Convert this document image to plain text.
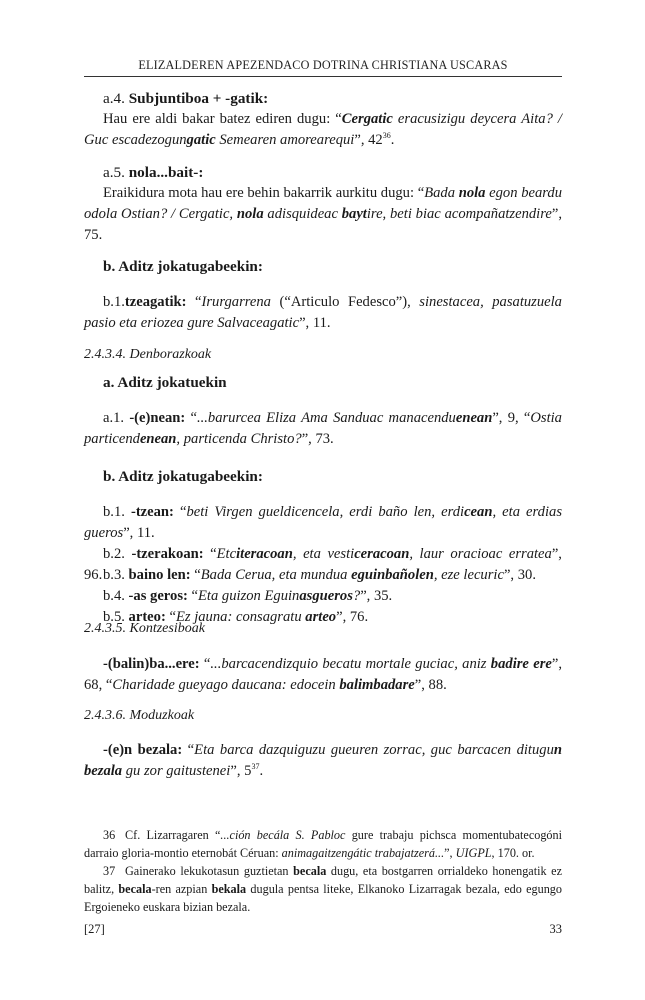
ELIZALDEREN APEZENDACO DOTRINA CHRISTIANA USCARAS
a.4. Subjuntiboa + -gatik:
Hau ere aldi bakar batez ediren dugu: “Cergatic eracusizigu deycera Aita? / Guc escadezogungatic Semearen amorearequi”, $42^{36}$.
a.5. nola...bait-:
Eraikidura mota hau ere behin bakarrik aurkitu dugu: “Bada nola egon beardu odola Ostian? / Cergatic, nola adisquideac baytire, beti biac acompañatzendire”, 75.
b. Aditz jokatugabeekin:
b.1.tzeagatik: “Irurgarrena (“Articulo Fedesco”), sinestacea, pasatuzuela pasio eta eriozea gure Salvaceagatic”, 11.
2.4.3.4. Denborazkoak
a. Aditz jokatuekin
a.1. -(e)nean: “...barurcea Eliza Ama Sanduac manacenduenean”, 9, “Ostia particendenean, particenda Christo?”, 73.
b. Aditz jokatugabeekin:
b.1. -tzean: “beti Virgen gueldicencela, erdi baño len, erdicean, eta erdias gueros”, 11.
b.2. -tzerakoan: “Etciteracoan, eta vesticeracoan, laur oracioac erratea”, 96. b.3. baino len: “Bada Cerua, eta mundua eguinbañolen, eze lecuric”, 30.
b.4. -as geros: “Eta guizon Eguinasgueros?”, 35.
b.5. arteo: “Ez jauna: consagratu arteo”, 76.
2.4.3.5. Kontzesiboak
-(balin)ba...ere: “...barcacendizquio becatu mortale guciac, aniz badire ere”, 68, “Charidade gueyago daucana: edocein balimbadare”, 88.
2.4.3.6. Moduzkoak
-(e)n bezala: “Eta barca dazquiguzu gueuren zorrac, guc barcacen ditugun bezala gu zor gaitustenei”, $5^{37}$.
36 Cf. Lizarragaren “...ción becála S. Pabloc gure trabaju pichsca momentubatecogóni darraio gloria-montio eternobát Céruan: animagaitzengátic trabajatzerá...”, UIGPL, 170. or.
37 Gainerako lekukotasun guztietan becala dugu, eta bostgarren orrialdeko honengatik ez balitz, becala-ren azpian bekala dugula pentsa liteke, Elkanoko Lizarragak bezala, edo egungo Ergoieneko euskara bizian bezala.
[27]	33
